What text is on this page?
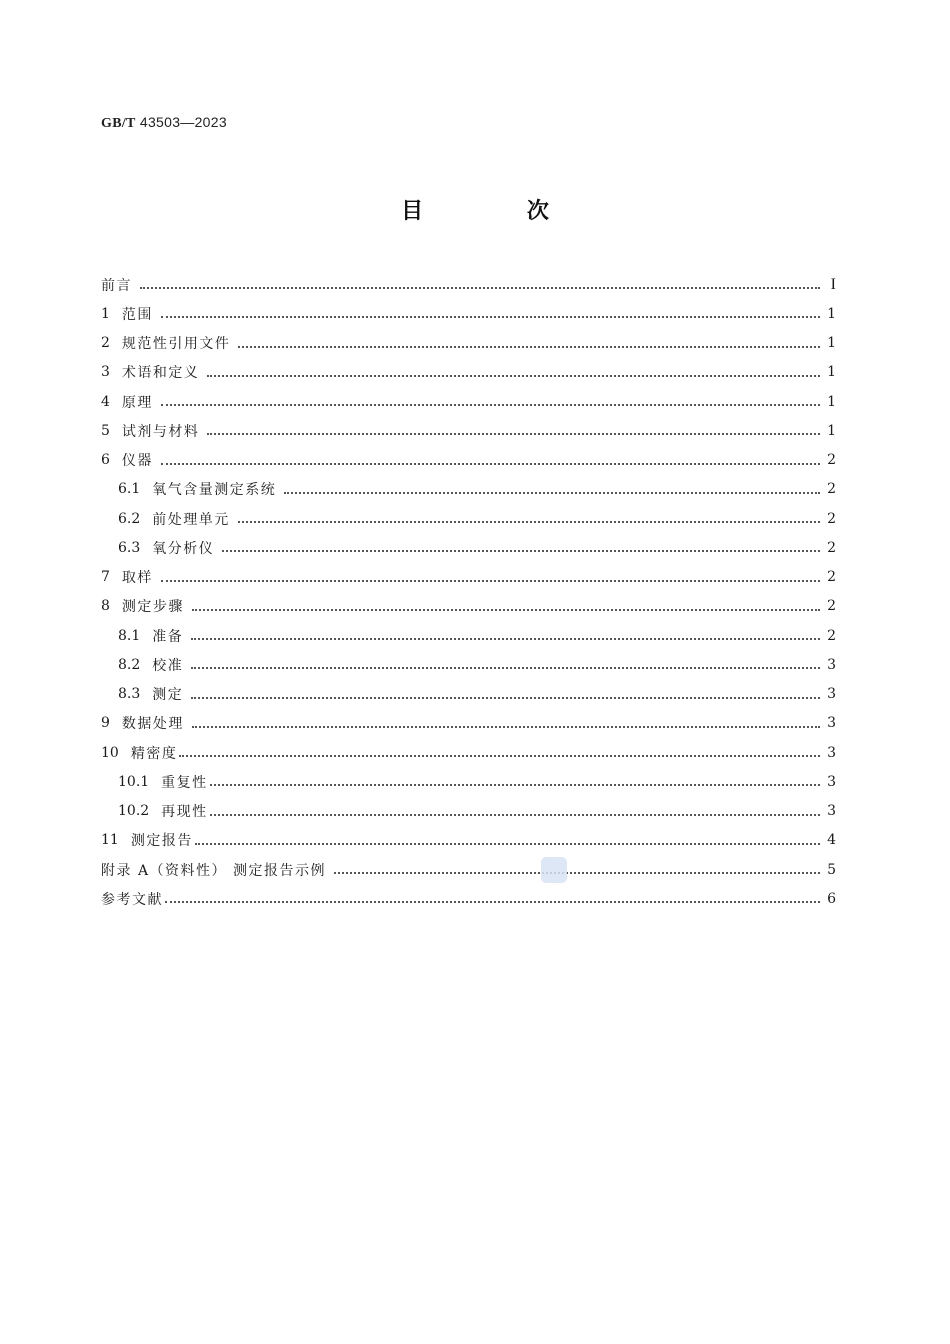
GB/T 43503—2023
目 次
前言	I
1 范围	1
2 规范性引用文件	1
3 术语和定义	1
4 原理	1
5 试剂与材料	1
6 仪器	2
6.1 氧气含量测定系统	2
6.2 前处理单元	2
6.3 氧分析仪	2
7 取样	2
8 测定步骤	2
8.1 准备	2
8.2 校准	3
8.3 测定	3
9 数据处理	3
10 精密度	3
10.1 重复性	3
10.2 再现性	3
11 测定报告	4
附录 A（资料性） 测定报告示例	5
参考文献	6
